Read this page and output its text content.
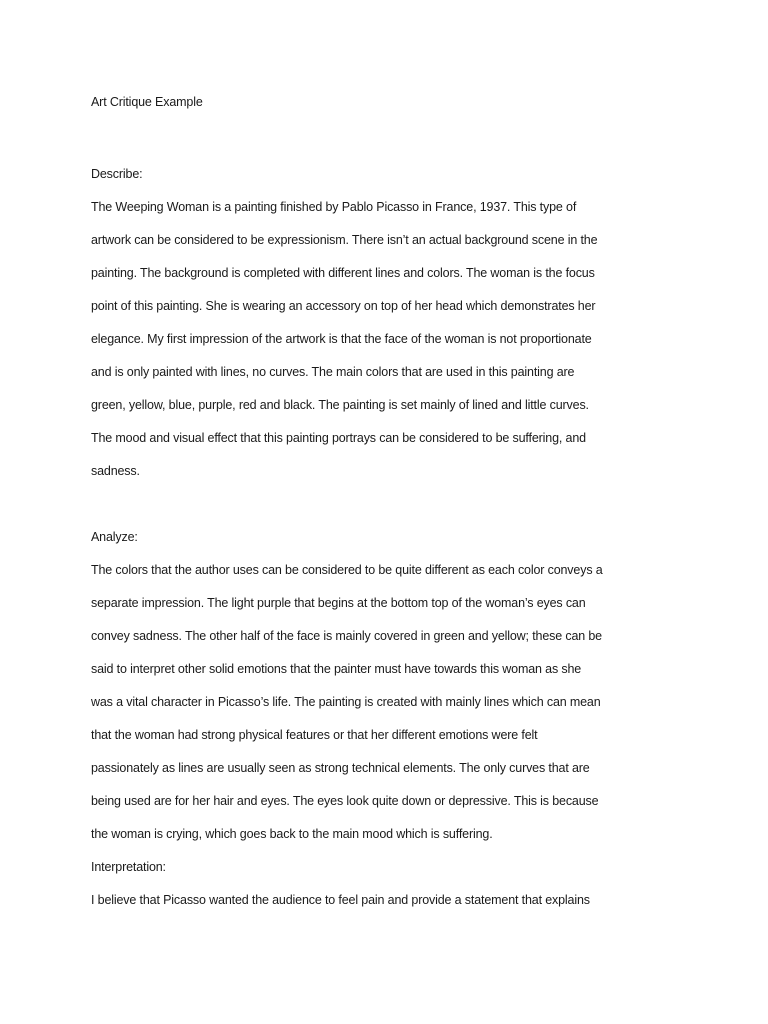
Art Critique Example
Describe:
The Weeping Woman is a painting finished by Pablo Picasso in France, 1937. This type of
artwork can be considered to be expressionism. There isn’t an actual background scene in the
painting. The background is completed with different lines and colors. The woman is the focus
point of this painting. She is wearing an accessory on top of her head which demonstrates her
elegance. My first impression of the artwork is that the face of the woman is not proportionate
and is only painted with lines, no curves. The main colors that are used in this painting are
green, yellow, blue, purple, red and black. The painting is set mainly of lined and little curves.
The mood and visual effect that this painting portrays can be considered to be suffering, and
sadness.
Analyze:
The colors that the author uses can be considered to be quite different as each color conveys a
separate impression. The light purple that begins at the bottom top of the woman’s eyes can
convey sadness. The other half of the face is mainly covered in green and yellow; these can be
said to interpret other solid emotions that the painter must have towards this woman as she
was a vital character in Picasso’s life. The painting is created with mainly lines which can mean
that the woman had strong physical features or that her different emotions were felt
passionately as lines are usually seen as strong technical elements. The only curves that are
being used are for her hair and eyes. The eyes look quite down or depressive. This is because
the woman is crying, which goes back to the main mood which is suffering.
Interpretation:
I believe that Picasso wanted the audience to feel pain and provide a statement that explains
